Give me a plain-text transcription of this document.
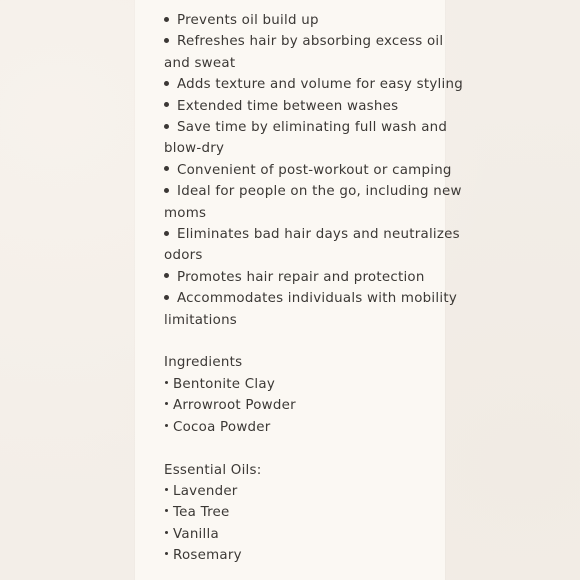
Prevents oil build up
Refreshes hair by absorbing excess oil
and sweat
Adds texture and volume for easy styling
Extended time between washes
Save time by eliminating full wash and
blow-dry
Convenient of post-workout or camping
Ideal for people on the go, including new
moms
Eliminates bad hair days and neutralizes
odors
Promotes hair repair and protection
Accommodates individuals with mobility
limitations
Ingredients
Bentonite Clay
Arrowroot Powder
Cocoa Powder
Essential Oils:
Lavender
Tea Tree
Vanilla
Rosemary
